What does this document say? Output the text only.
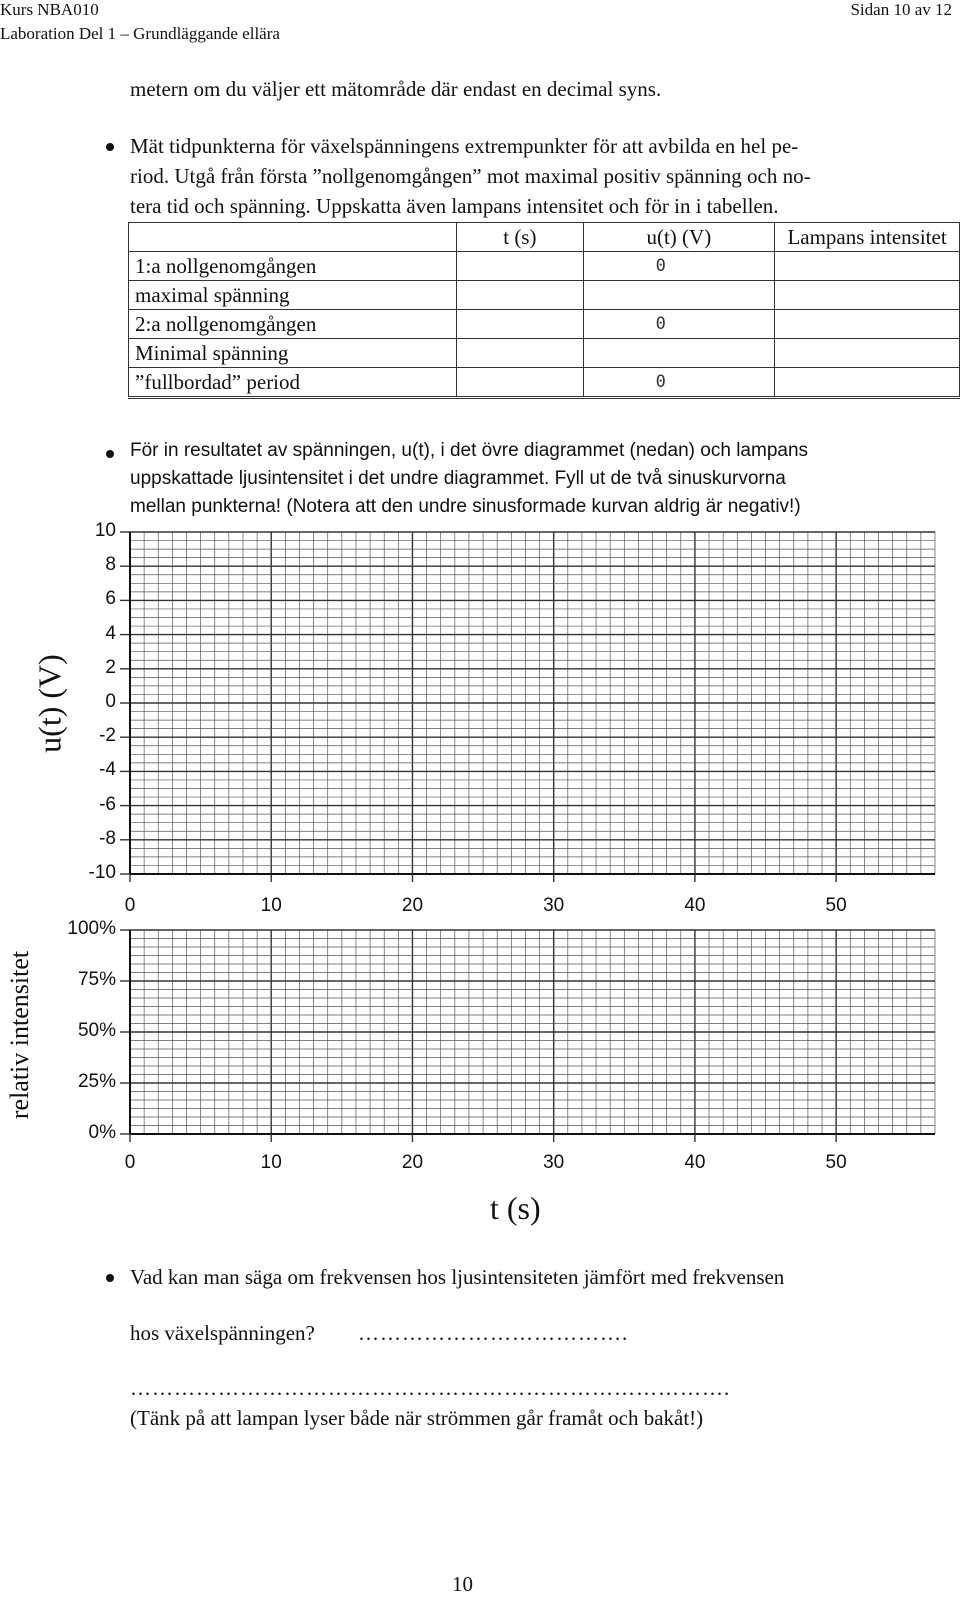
Kurs NBA010
Laboration Del 1 – Grundläggande ellära
Sidan 10 av 12
metern om du väljer ett mätområde där endast en decimal syns.
Mät tidpunkterna för växelspänningens extrempunkter för att avbilda en hel pe-
riod. Utgå från första ”nollgenomgången” mot maximal positiv spänning och no-
tera tid och spänning. Uppskatta även lampans intensitet och för in i tabellen.
	t (s)	u(t) (V)	Lampans intensitet
1:a nollgenomgången		0	
maximal spänning			
2:a nollgenomgången		0	
Minimal spänning			
”fullbordad” period		0	
För in resultatet av spänningen, u(t), i det övre diagrammet (nedan) och lampans
uppskattade ljusintensitet i det undre diagrammet. Fyll ut de två sinuskurvorna
mellan punkterna! (Notera att den undre sinusformade kurvan aldrig är negativ!)
u(t) (V)
relativ intensitet
t (s)
10
8
6
4
2
0
-2
-4
-6
-8
-10
0	10	20	30	40	50
100%
75%
50%
25%
0%
0	10	20	30	40	50
Vad kan man säga om frekvensen hos ljusintensiteten jämfört med frekvensen
hos växelspänningen? ……………………………….
……………………………………………………………………….
(Tänk på att lampan lyser både när strömmen går framåt och bakåt!)
10
